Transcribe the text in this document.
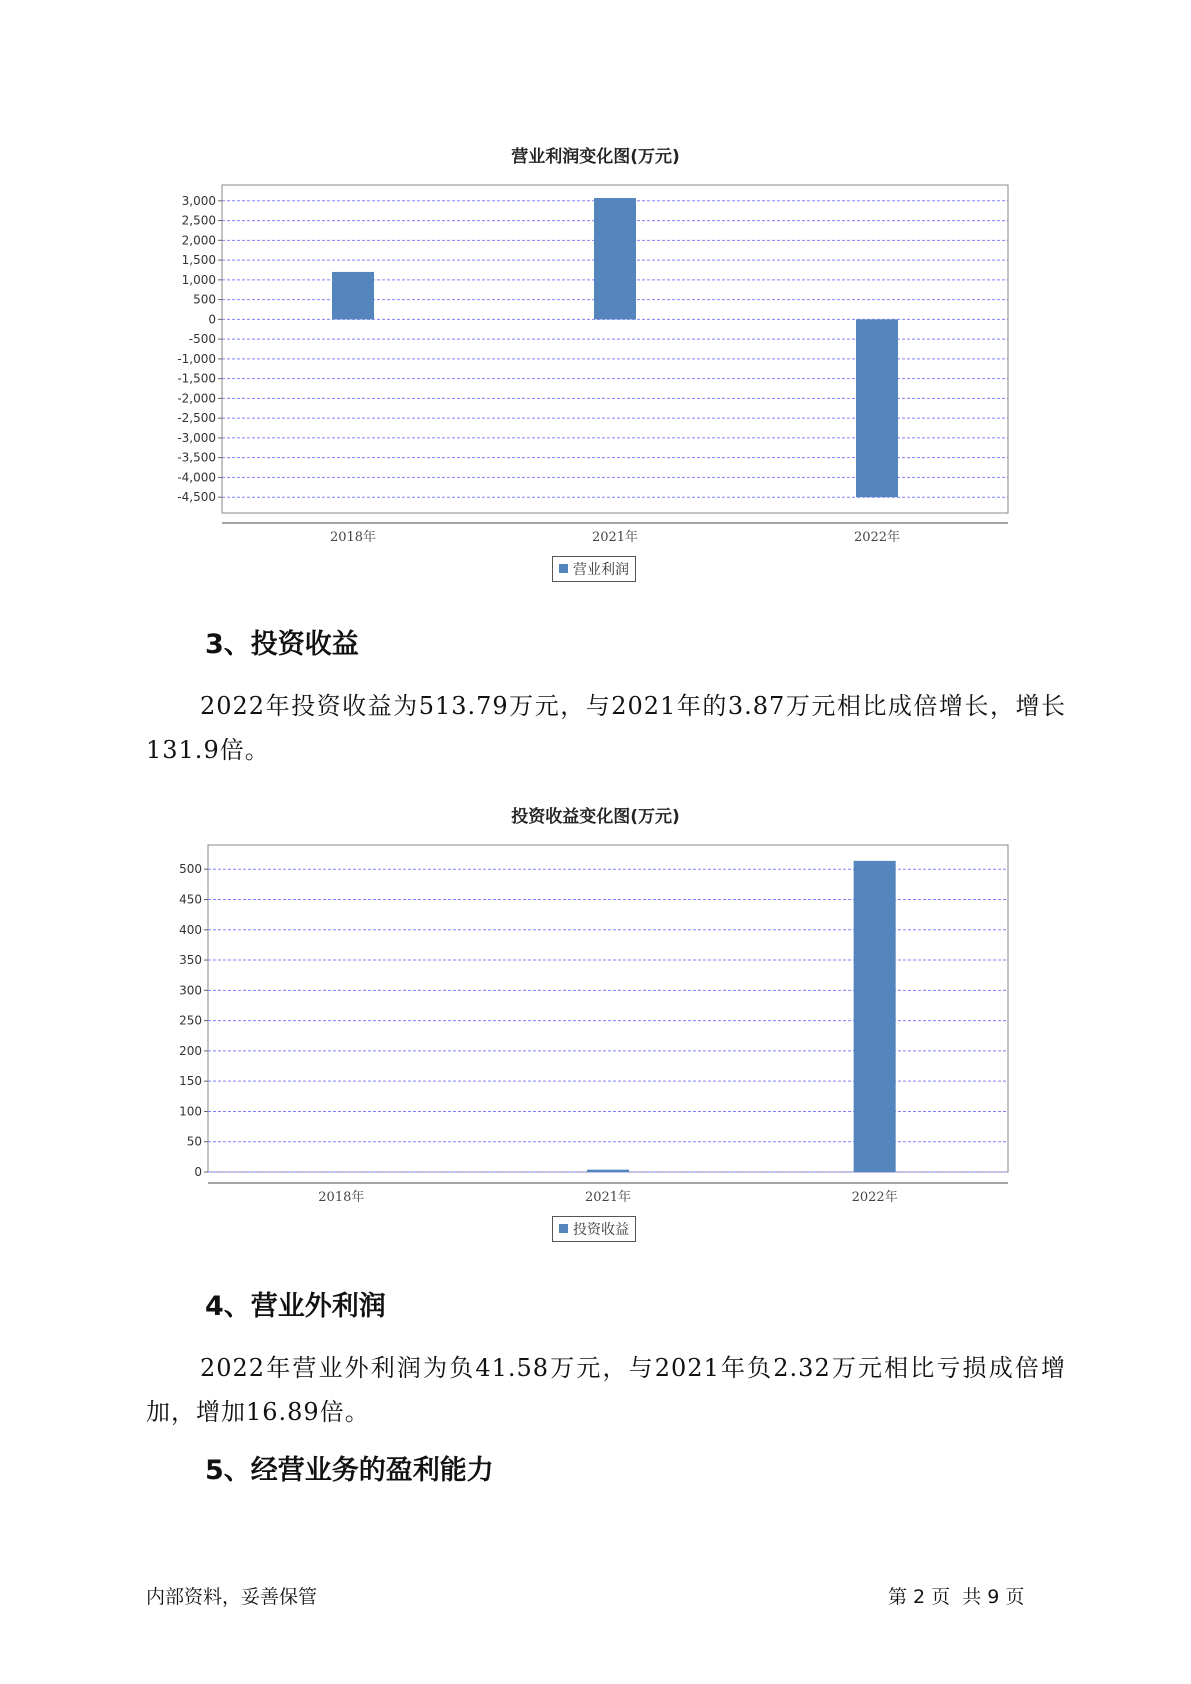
营业利润变化图(万元)
3,000
2,500
2,000
1,500
1,000
500
0
-500
-1,000
-1,500
-2,000
-2,500
-3,000
-3,500
-4,000
-4,500
2018年	2021年	2022年
营业利润
3、投资收益
2022年投资收益为513.79万元，与2021年的3.87万元相比成倍增长，增长131.9倍。
投资收益变化图(万元)
0
50
100
150
200
250
300
350
400
450
500
2018年	2021年	2022年
投资收益
4、营业外利润
2022年营业外利润为负41.58万元，与2021年负2.32万元相比亏损成倍增加，增加16.89倍。
5、经营业务的盈利能力
内部资料，妥善保管	第 2 页  共 9 页
